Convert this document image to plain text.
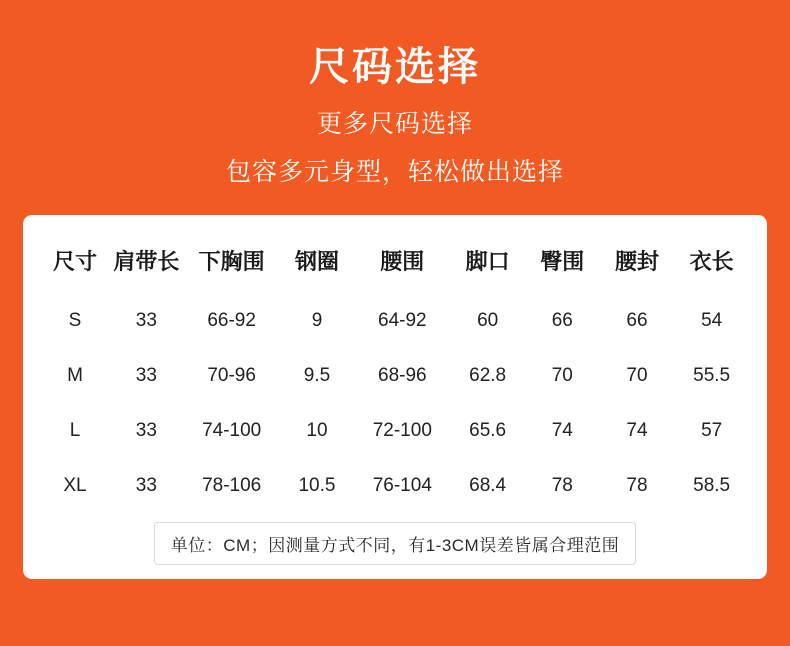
尺码选择
更多尺码选择
包容多元身型，轻松做出选择
尺寸	肩带长	下胸围	钢圈	腰围	脚口	臀围	腰封	衣长
S	33	66-92	9	64-92	60	66	66	54
M	33	70-96	9.5	68-96	62.8	70	70	55.5
L	33	74-100	10	72-100	65.6	74	74	57
XL	33	78-106	10.5	76-104	68.4	78	78	58.5
单位：CM；因测量方式不同，有1-3CM误差皆属合理范围
